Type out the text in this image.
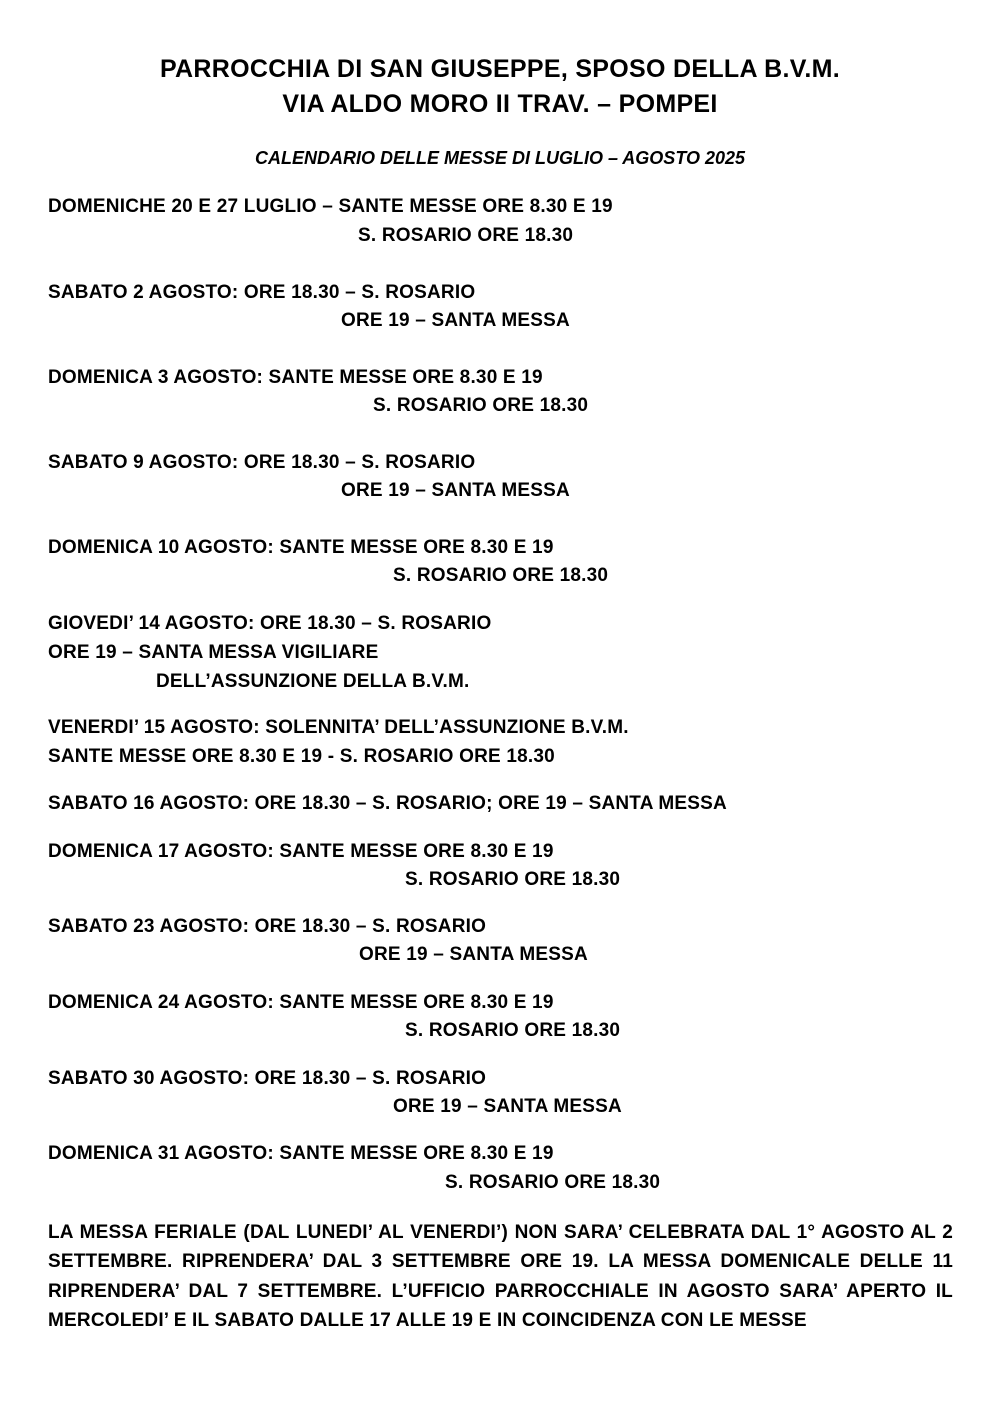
PARROCCHIA DI SAN GIUSEPPE, SPOSO DELLA B.V.M.
VIA ALDO MORO II TRAV. – POMPEI
CALENDARIO DELLE MESSE DI LUGLIO – AGOSTO 2025
DOMENICHE 20 E 27 LUGLIO – SANTE MESSE ORE 8.30 E 19
S. ROSARIO ORE 18.30
SABATO 2 AGOSTO: ORE 18.30 – S. ROSARIO
ORE 19 – SANTA MESSA
DOMENICA 3 AGOSTO: SANTE MESSE ORE 8.30 E 19
S. ROSARIO ORE 18.30
SABATO 9 AGOSTO: ORE 18.30 – S. ROSARIO
ORE 19 – SANTA MESSA
DOMENICA 10 AGOSTO: SANTE MESSE ORE 8.30 E 19
S. ROSARIO ORE 18.30
GIOVEDI’ 14 AGOSTO: ORE 18.30 – S. ROSARIO
ORE 19 – SANTA MESSA VIGILIARE
DELL’ASSUNZIONE DELLA B.V.M.
VENERDI’ 15 AGOSTO: SOLENNITA’ DELL’ASSUNZIONE B.V.M.
SANTE MESSE ORE 8.30 E 19 - S. ROSARIO ORE 18.30
SABATO 16 AGOSTO: ORE 18.30 – S. ROSARIO; ORE 19 – SANTA MESSA
DOMENICA 17 AGOSTO: SANTE MESSE ORE 8.30 E 19
S. ROSARIO ORE 18.30
SABATO 23 AGOSTO: ORE 18.30 – S. ROSARIO
ORE 19 – SANTA MESSA
DOMENICA 24 AGOSTO: SANTE MESSE ORE 8.30 E 19
S. ROSARIO ORE 18.30
SABATO 30 AGOSTO: ORE 18.30 – S. ROSARIO
ORE 19 – SANTA MESSA
DOMENICA 31 AGOSTO: SANTE MESSE ORE 8.30 E 19
S. ROSARIO ORE 18.30
LA MESSA FERIALE (DAL LUNEDI’ AL VENERDI’) NON SARA’ CELEBRATA DAL 1° AGOSTO AL 2 SETTEMBRE. RIPRENDERA’ DAL 3 SETTEMBRE ORE 19. LA MESSA DOMENICALE DELLE 11 RIPRENDERA’ DAL 7 SETTEMBRE. L’UFFICIO PARROCCHIALE IN AGOSTO SARA’ APERTO IL MERCOLEDI’ E IL SABATO DALLE 17 ALLE 19 E IN COINCIDENZA CON LE MESSE
